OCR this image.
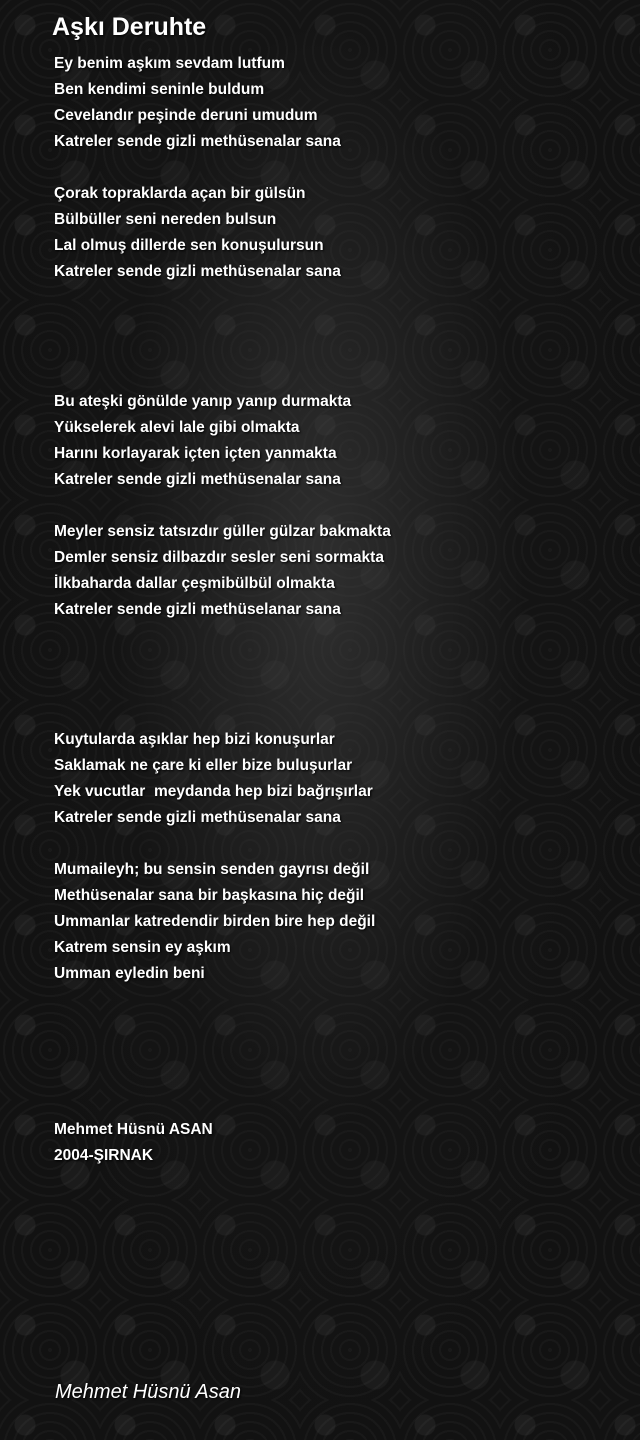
Aşkı Deruhte
Ey benim aşkım sevdam lutfum
Ben kendimi seninle buldum
Cevelandır peşinde deruni umudum
Katreler sende gizli methüsenalar sana
Çorak topraklarda açan bir gülsün
Bülbüller seni nereden bulsun
Lal olmuş dillerde sen konuşulursun
Katreler sende gizli methüsenalar sana
Bu ateşki gönülde yanıp yanıp durmakta
Yükselerek alevi lale gibi olmakta
Harını korlayarak içten içten yanmakta
Katreler sende gizli methüsenalar sana
Meyler sensiz tatsızdır güller gülzar bakmakta
Demler sensiz dilbazdır sesler seni sormakta
İlkbaharda dallar çeşmibülbül olmakta
Katreler sende gizli methüselanar sana
Kuytularda aşıklar hep bizi konuşurlar
Saklamak ne çare ki eller bize buluşurlar
Yek vucutlar  meydanda hep bizi bağrışırlar
Katreler sende gizli methüsenalar sana
Mumaileyh; bu sensin senden gayrısı değil
Methüsenalar sana bir başkasına hiç değil
Ummanlar katredendir birden bire hep değil
Katrem sensin ey aşkım
Umman eyledin beni
Mehmet Hüsnü ASAN
2004-ŞIRNAK
Mehmet Hüsnü Asan
